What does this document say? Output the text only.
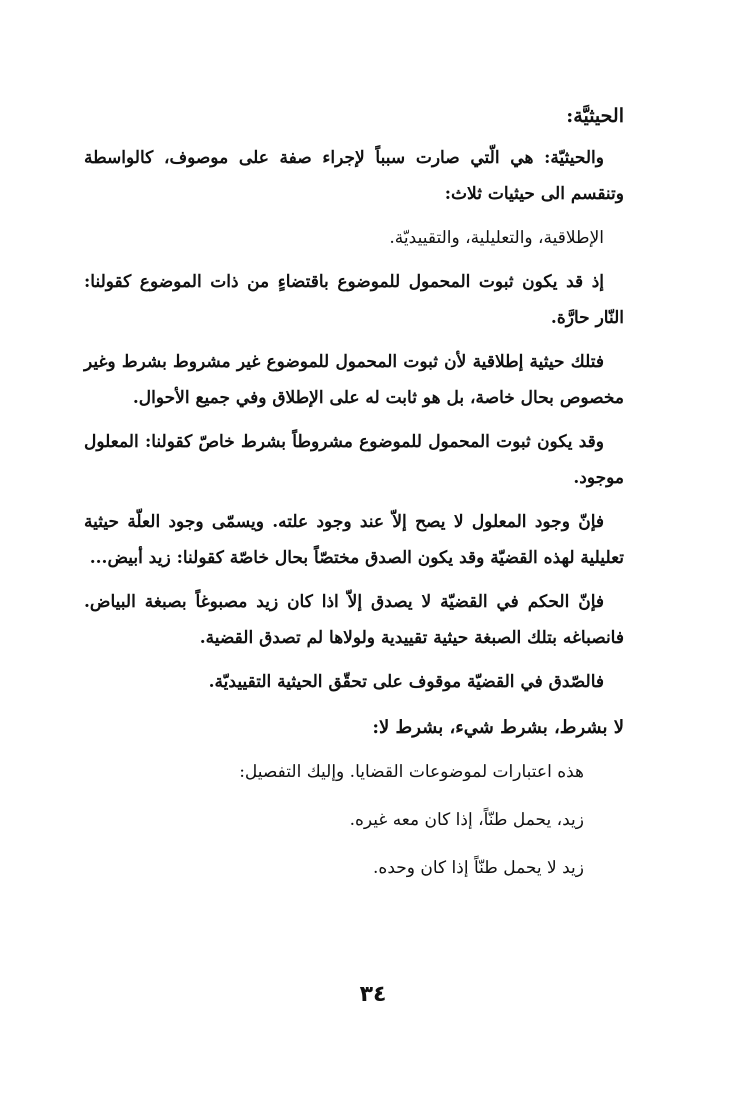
الحيثيَّة:
والحيثيّة: هي الّتي صارت سبباً لإجراء صفة على موصوف، كالواسطة وتنقسم الى حيثيات ثلاث:
الإطلاقية، والتعليلية، والتقييديّة.
إذ قد يكون ثبوت المحمول للموضوع باقتضاءٍ من ذات الموضوع كقولنا: النّار حارَّة.
فتلك حيثية إطلاقية لأن ثبوت المحمول للموضوع غير مشروط بشرط وغير مخصوص بحال خاصة، بل هو ثابت له على الإطلاق وفي جميع الأحوال.
وقد يكون ثبوت المحمول للموضوع مشروطاً بشرط خاصّ كقولنا: المعلول موجود.
فإنّ وجود المعلول لا يصح إلاّ عند وجود علته. ويسمّى وجود العلّة حيثية تعليلية لهذه القضيّة وقد يكون الصدق مختصّاً بحال خاصّة كقولنا: زيد أبيض...
فإنّ الحكم في القضيّة لا يصدق إلاّ اذا كان زيد مصبوغاً بصبغة البياض. فانصباغه بتلك الصبغة حيثية تقييدية ولولاها لم تصدق القضية.
فالصّدق في القضيّة موقوف على تحقّق الحيثية التقييديّة.
لا بشرط، بشرط شيء، بشرط لا:
هذه اعتبارات لموضوعات القضايا. وإليك التفصيل:
زيد، يحمل طنّاً، إذا كان معه غيره.
زيد لا يحمل طنّاً إذا كان وحده.
٣٤
